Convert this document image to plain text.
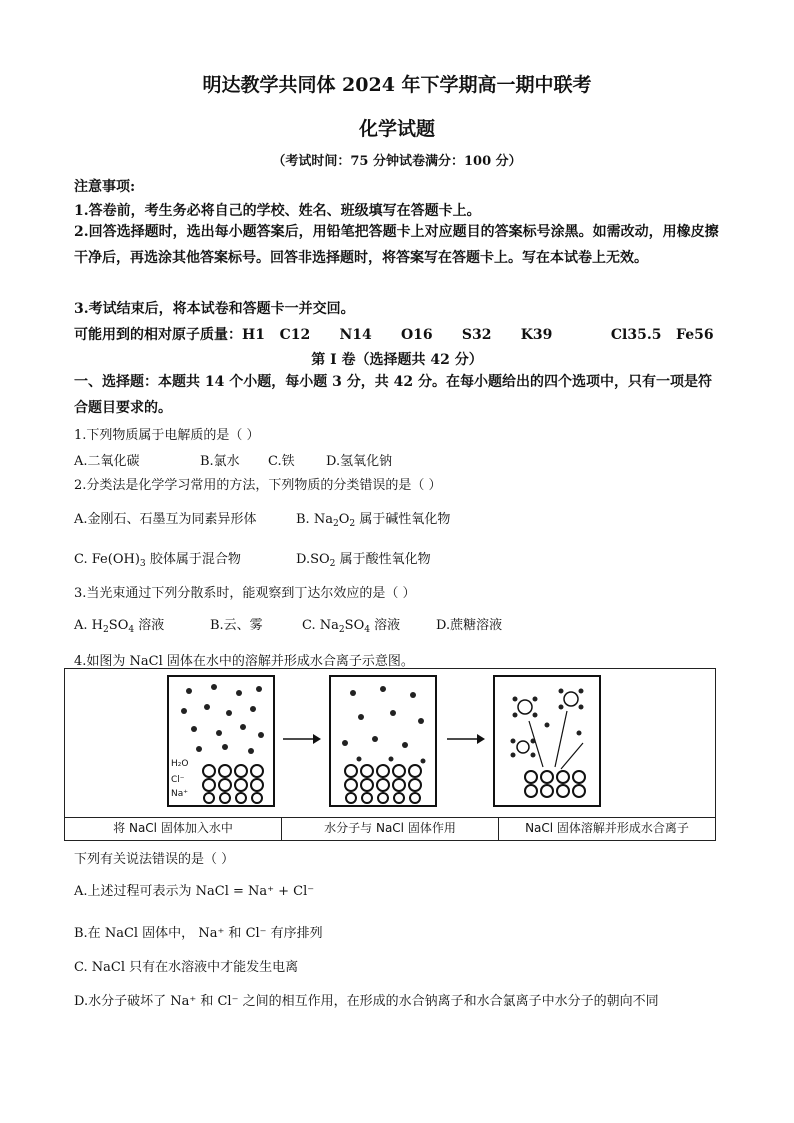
明达教学共同体 2024 年下学期高一期中联考
化学试题
（考试时间：75 分钟试卷满分：100 分）
注意事项:
1.答卷前，考生务必将自己的学校、姓名、班级填写在答题卡上。
2.回答选择题时，选出每小题答案后，用铅笔把答题卡上对应题目的答案标号涂黑。如需改动，用橡皮擦干净后，再选涂其他答案标号。回答非选择题时，将答案写在答题卡上。写在本试卷上无效。
3.考试结束后，将本试卷和答题卡一并交回。
可能用到的相对原子质量：H1   C12      N14      O16      S32      K39            Cl35.5   Fe56
第 I 卷（选择题共 42 分）
一、选择题：本题共 14 个小题，每小题 3 分，共 42 分。在每小题给出的四个选项中，只有一项是符合题目要求的。
1.下列物质属于电解质的是（ ）
A.二氧化碳	B.氯水 C.铁 D.氢氧化钠
2.分类法是化学学习常用的方法，下列物质的分类错误的是（ ）
A.金刚石、石墨互为同素异形体	B. $Na_2O_2$ 属于碱性氧化物
C. $Fe(OH)_3$ 胶体属于混合物	$D.SO_2$ 属于酸性氧化物
3.当光束通过下列分散系时，能观察到丁达尔效应的是（ ）
A. $H_2SO_4$ 溶液	B.云、雾	C. $Na_2SO_4$ 溶液	D.蔗糖溶液
4.如图为 NaCl 固体在水中的溶解并形成水合离子示意图。
H₂O
Cl⁻
Na⁺
将 NaCl 固体加入水中	水分子与 NaCl 固体作用	NaCl 固体溶解并形成水合离子
下列有关说法错误的是（ ）
A.上述过程可表示为 NaCl = Na⁺ + Cl⁻
B.在 NaCl 固体中， Na⁺ 和 Cl⁻ 有序排列
C. NaCl 只有在水溶液中才能发生电离
D.水分子破坏了 Na⁺ 和 Cl⁻ 之间的相互作用，在形成的水合钠离子和水合氯离子中水分子的朝向不同
